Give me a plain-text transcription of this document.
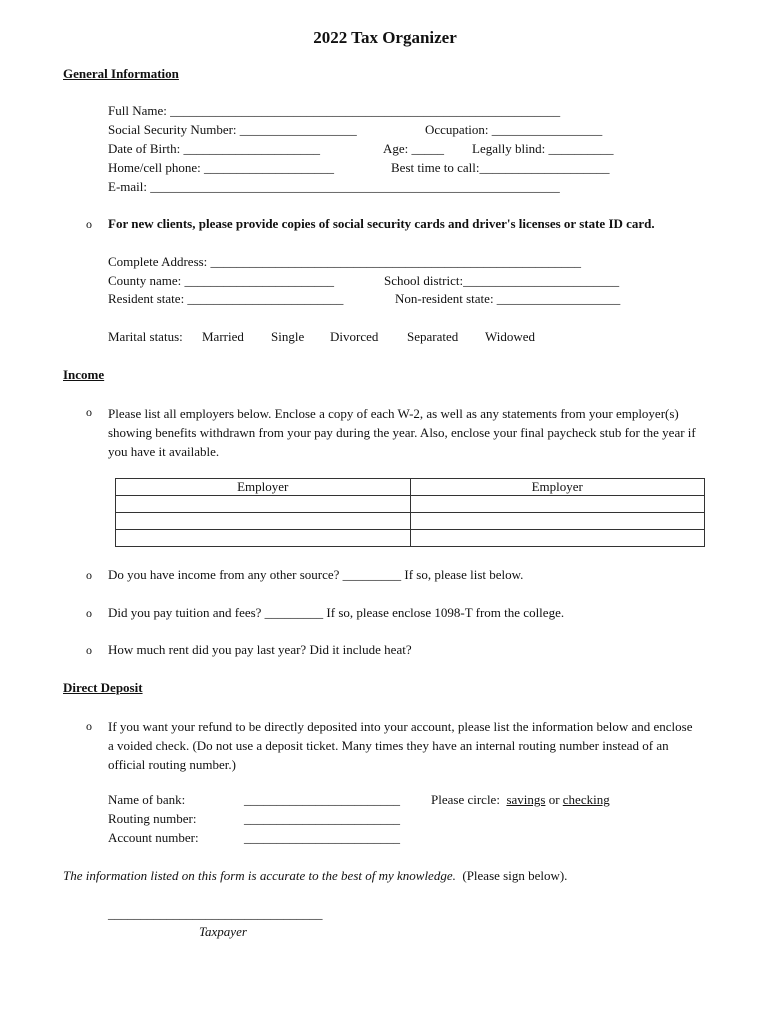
2022 Tax Organizer
General Information
Full Name: ____________________________________________________________
Social Security Number: __________________	Occupation: _________________
Date of Birth: _____________________	Age: _____ Legally blind: __________
Home/cell phone: ____________________	Best time to call:____________________
E-mail: _______________________________________________________________
o For new clients, please provide copies of social security cards and driver's licenses or state ID card.
Complete Address: _________________________________________________________
County name: _______________________	School district:________________________
Resident state: ________________________	Non-resident state: ___________________
Marital status: Married Single Divorced Separated Widowed
Income
o Please list all employers below. Enclose a copy of each W-2, as well as any statements from your employer(s) showing benefits withdrawn from your pay during the year. Also, enclose your final paycheck stub for the year if you have it available.
Employer	Employer

o Do you have income from any other source? _________ If so, please list below.
o Did you pay tuition and fees? _________ If so, please enclose 1098-T from the college.
o How much rent did you pay last year? Did it include heat?
Direct Deposit
o If you want your refund to be directly deposited into your account, please list the information below and enclose a voided check. (Do not use a deposit ticket. Many times they have an internal routing number instead of an official routing number.)
Name of bank:	________________________ Please circle: savings or checking
Routing number:	________________________
Account number:	________________________
The information listed on this form is accurate to the best of my knowledge. (Please sign below).
_________________________________
Taxpayer
